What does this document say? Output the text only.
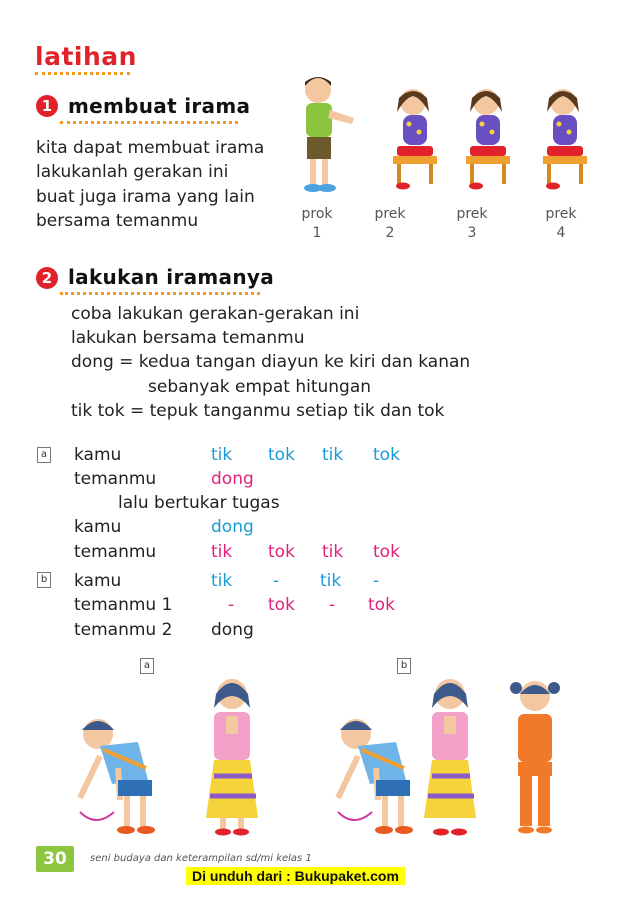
latihan
1 membuat irama
kita dapat membuat irama
lakukanlah gerakan ini
buat juga irama yang lain
bersama temanmu	prok
1
prek
2
prek
3
prek
4
2 lakukan iramanya
coba lakukan gerakan-gerakan ini
lakukan bersama temanmu
dong = kedua tangan diayun ke kiri dan kanan
sebanyak empat hitungan
tik tok = tepuk tanganmu setiap tik dan tok
a kamu	tik tok tik tok
temanmu	dong
lalu bertukar tugas
kamu	dong
temanmu	tik tok tik tok
b kamu	tik - tik -
temanmu 1	- tok - tok
temanmu 2 dong
a	b
30	seni budaya dan keterampilan sd/mi kelas 1
Di unduh dari : Bukupaket.com
